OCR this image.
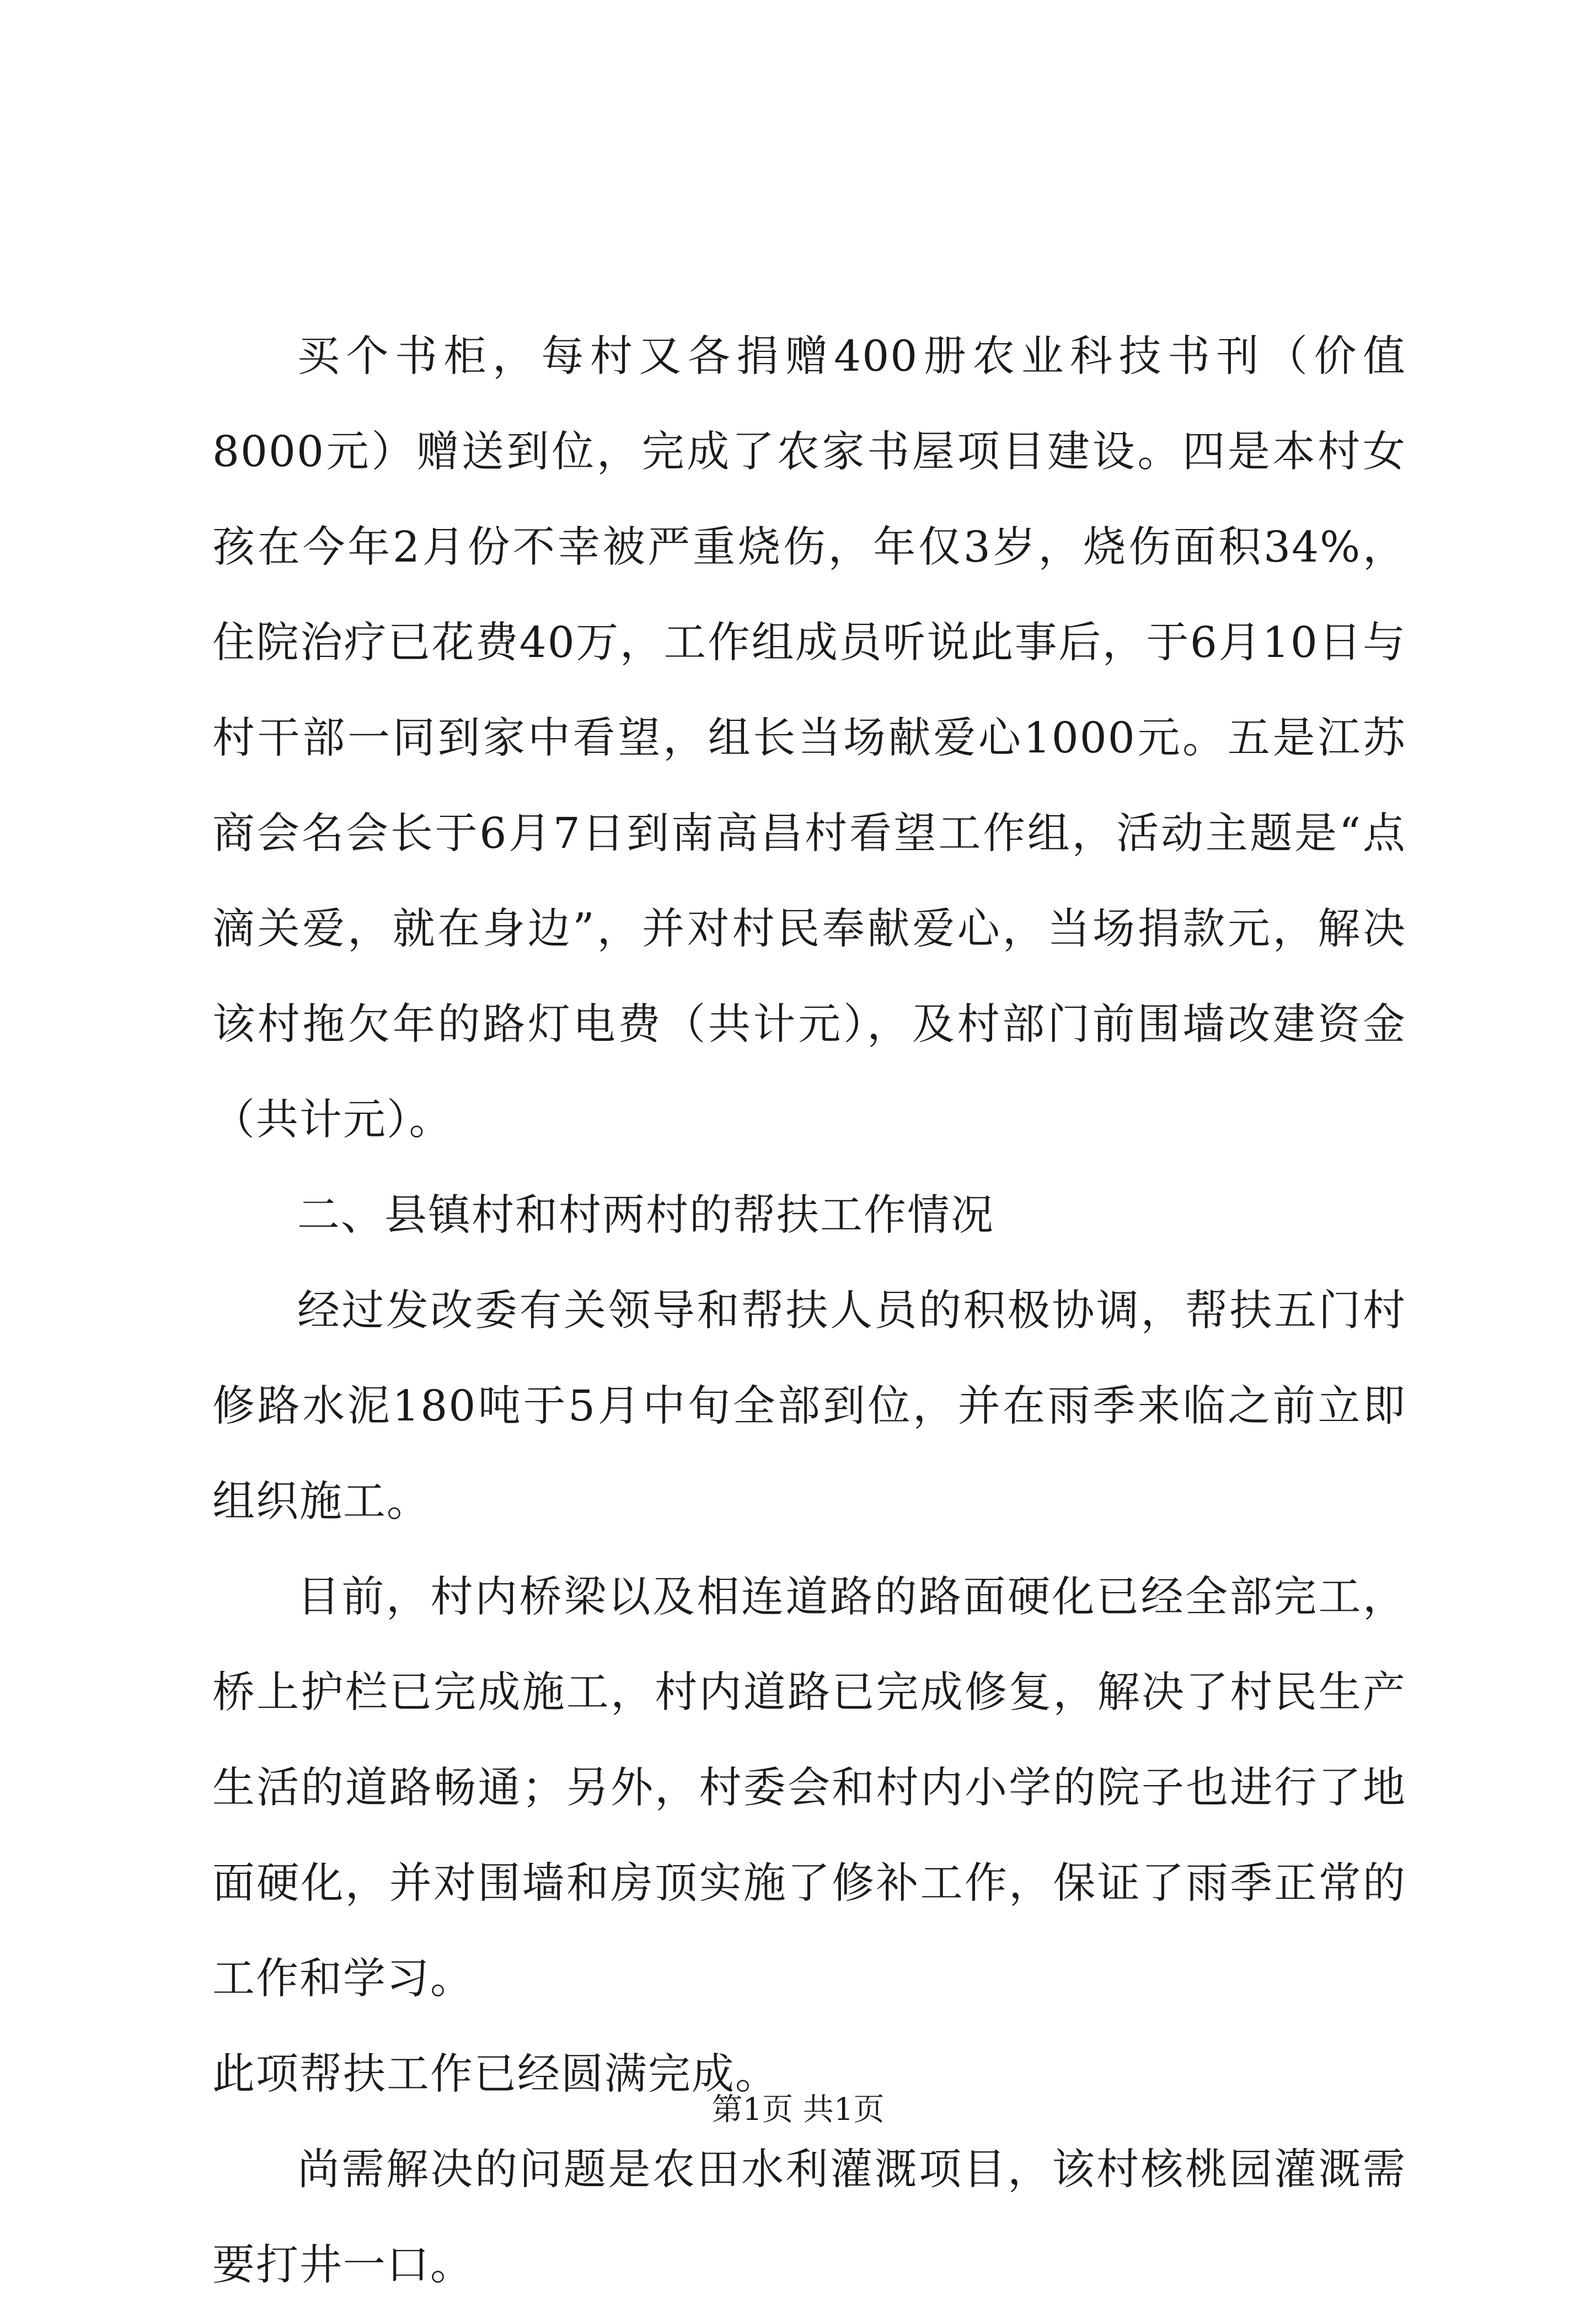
买个书柜，每村又各捐赠400册农业科技书刊（价值8000元）赠送到位，完成了农家书屋项目建设。四是本村女孩在今年2月份不幸被严重烧伤，年仅3岁，烧伤面积34%，住院治疗已花费40万，工作组成员听说此事后，于6月10日与村干部一同到家中看望，组长当场献爱心1000元。五是江苏商会名会长于6月7日到南高昌村看望工作组，活动主题是“点滴关爱，就在身边”，并对村民奉献爱心，当场捐款元，解决该村拖欠年的路灯电费（共计元），及村部门前围墙改建资金（共计元）。

二、县镇村和村两村的帮扶工作情况

经过发改委有关领导和帮扶人员的积极协调，帮扶五门村修路水泥180吨于5月中旬全部到位，并在雨季来临之前立即组织施工。

目前，村内桥梁以及相连道路的路面硬化已经全部完工，桥上护栏已完成施工，村内道路已完成修复，解决了村民生产生活的道路畅通；另外，村委会和村内小学的院子也进行了地面硬化，并对围墙和房顶实施了修补工作，保证了雨季正常的工作和学习。

此项帮扶工作已经圆满完成。

尚需解决的问题是农田水利灌溉项目，该村核桃园灌溉需要打井一口。

第1页 共1页
